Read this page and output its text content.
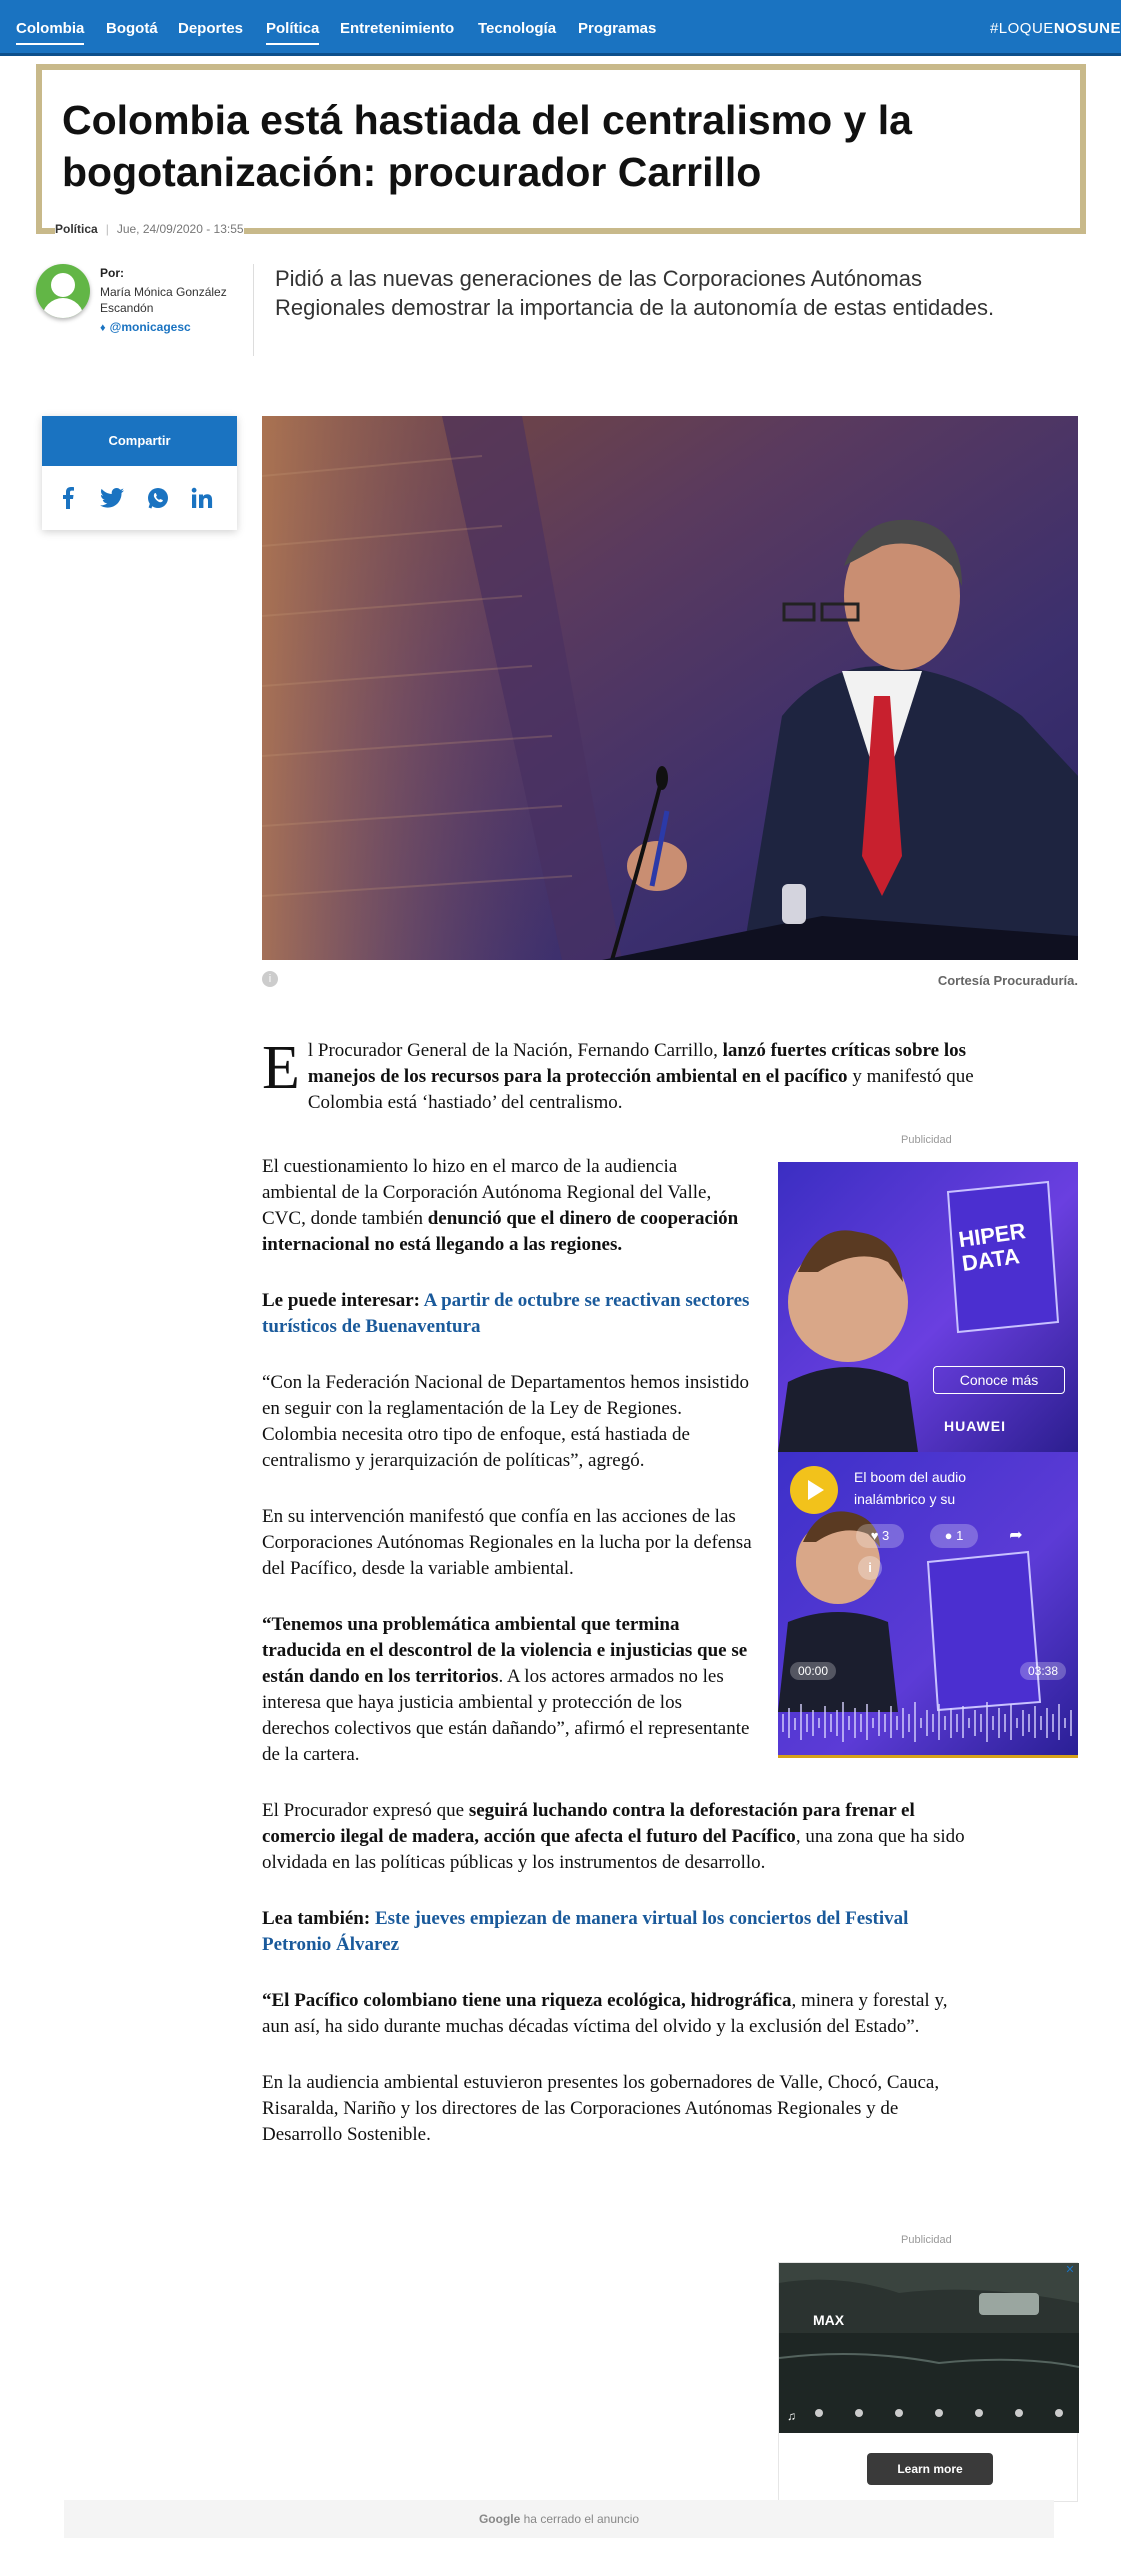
Colombia Bogotá Deportes Política Entretenimiento Tecnología Programas	#LOQUENOSUNE
Colombia está hastiada del centralismo y la bogotanización: procurador Carrillo
Política | Jue, 24/09/2020 - 13:55
Por:
María Mónica González Escandón
♦ @monicagesc

Pidió a las nuevas generaciones de las Corporaciones Autónomas Regionales demostrar la importancia de la autonomía de estas entidades.

Compartir
i	Cortesía Procuraduría.

El Procurador General de la Nación, Fernando Carrillo, lanzó fuertes críticas sobre los manejos de los recursos para la protección ambiental en el pacífico y manifestó que Colombia está ‘hastiado’ del centralismo.

El cuestionamiento lo hizo en el marco de la audiencia ambiental de la Corporación Autónoma Regional del Valle, CVC, donde también denunció que el dinero de cooperación internacional no está llegando a las regiones.

Le puede interesar: A partir de octubre se reactivan sectores turísticos de Buenaventura

“Con la Federación Nacional de Departamentos hemos insistido en seguir con la reglamentación de la Ley de Regiones. Colombia necesita otro tipo de enfoque, está hastiada de centralismo y jerarquización de políticas”, agregó.

En su intervención manifestó que confía en las acciones de las Corporaciones Autónomas Regionales en la lucha por la defensa del Pacífico, desde la variable ambiental.

“Tenemos una problemática ambiental que termina traducida en el descontrol de la violencia e injusticias que se están dando en los territorios. A los actores armados no les interesa que haya justicia ambiental y protección de los derechos colectivos que están dañando”, afirmó el representante de la cartera.

El Procurador expresó que seguirá luchando contra la deforestación para frenar el comercio ilegal de madera, acción que afecta el futuro del Pacífico, una zona que ha sido olvidada en las políticas públicas y los instrumentos de desarrollo.

Lea también: Este jueves empiezan de manera virtual los conciertos del Festival Petronio Álvarez

“El Pacífico colombiano tiene una riqueza ecológica, hidrográfica, minera y forestal y, aun así, ha sido durante muchas décadas víctima del olvido y la exclusión del Estado”.

En la audiencia ambiental estuvieron presentes los gobernadores de Valle, Chocó, Cauca, Risaralda, Nariño y los directores de las Corporaciones Autónomas Regionales y de Desarrollo Sostenible.

Publicidad
HIPER DATA
Conoce más
HUAWEI
El boom del audio inalámbrico y su
♥ 3	● 1	➦
i
00:00	03:38
Publicidad
MAX
♫
✕
Learn more
Google ha cerrado el anuncio
